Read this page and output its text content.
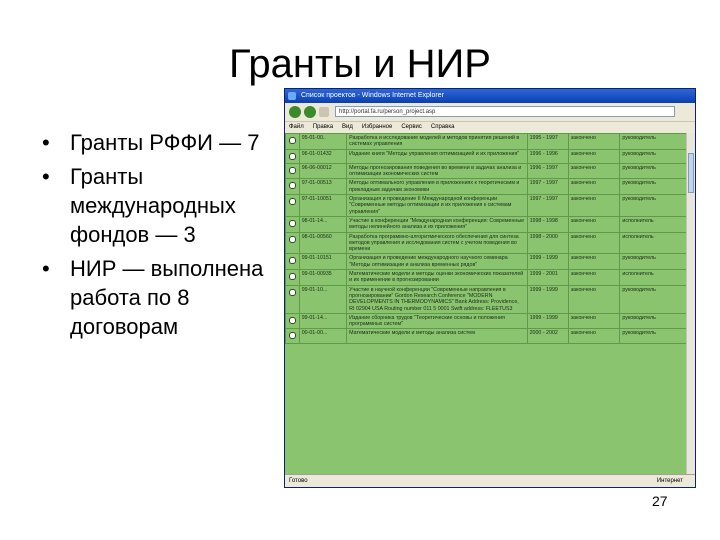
Гранты и НИР
• Гранты РФФИ — 7
• Гранты международных фондов — 3
• НИР — выполнена работа по 8 договорам
Список проектов - Windows Internet Explorer
http://portal.fa.ru/person_project.asp
Файл Правка Вид Избранное Сервис Справка
	95-01-00..	Разработка и исследование моделей и методов принятия решений в системах управления	1995 - 1997	закончено	руководитель
	96-01-01432	Издание книги "Методы управления оптимизацией и их приложения"	1996 - 1996	закончено	руководитель
	96-06-00012	Методы прогнозирования поведения во времени в задачах анализа и оптимизации экономических систем	1996 - 1997	закончено	руководитель
	97-01-00513	Методы оптимального управления в приложениях к теоретическим и прикладным задачам экономики	1997 - 1997	закончено	руководитель
	97-01-10051	Организация и проведение II Международной конференции "Современные методы оптимизации и их приложения к системам управления"	1997 - 1997	закончено	руководитель
	98-01-14...	Участие в конференции "Международная конференция: Современные методы нелинейного анализа и их приложения"	1998 - 1998	закончено	исполнитель
	98-01-00560	Разработка программно-алгоритмического обеспечения для синтеза методов управления и исследования систем с учетом поведения во времени	1998 - 2000	закончено	исполнитель
	99-01-10151	Организация и проведение международного научного семинара "Методы оптимизации и анализа временных рядов"	1999 - 1999	закончено	руководитель
	99-01-00935	Математические модели и методы оценки экономических показателей и их применение в прогнозировании	1999 - 2001	закончено	исполнитель
	99-01-10...	Участие в научной конференции "Современные направления в прогнозировании" Gordon Research Conference "MODERN DEVELOPMENTS IN THERMODYNAMICS" Bank Address: Providence, RI 02904 USA Routing number 011 5 0001 Swift address: FLEETUS3	1999 - 1999	закончено	руководитель
	99-01-14...	Издание сборника трудов "Теоретические основы и положения программных систем"	1999 - 1999	закончено	руководитель
	00-01-00...	Математические модели и методы анализа систем	2000 - 2002	закончено	руководитель
Готово	Интернет
27
